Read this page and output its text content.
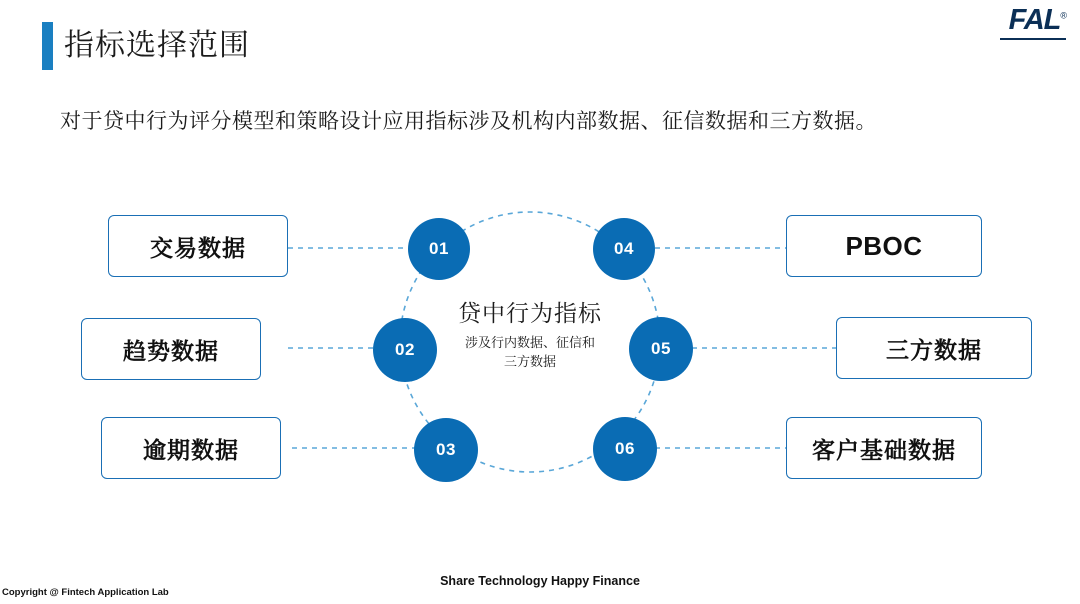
FAL®
指标选择范围
对于贷中行为评分模型和策略设计应用指标涉及机构内部数据、征信数据和三方数据。
贷中行为指标
涉及行内数据、征信和
三方数据
01
02
03
04
05
06
交易数据
趋势数据
逾期数据
PBOC
三方数据
客户基础数据
Share Technology Happy Finance
Copyright @ Fintech Application Lab
